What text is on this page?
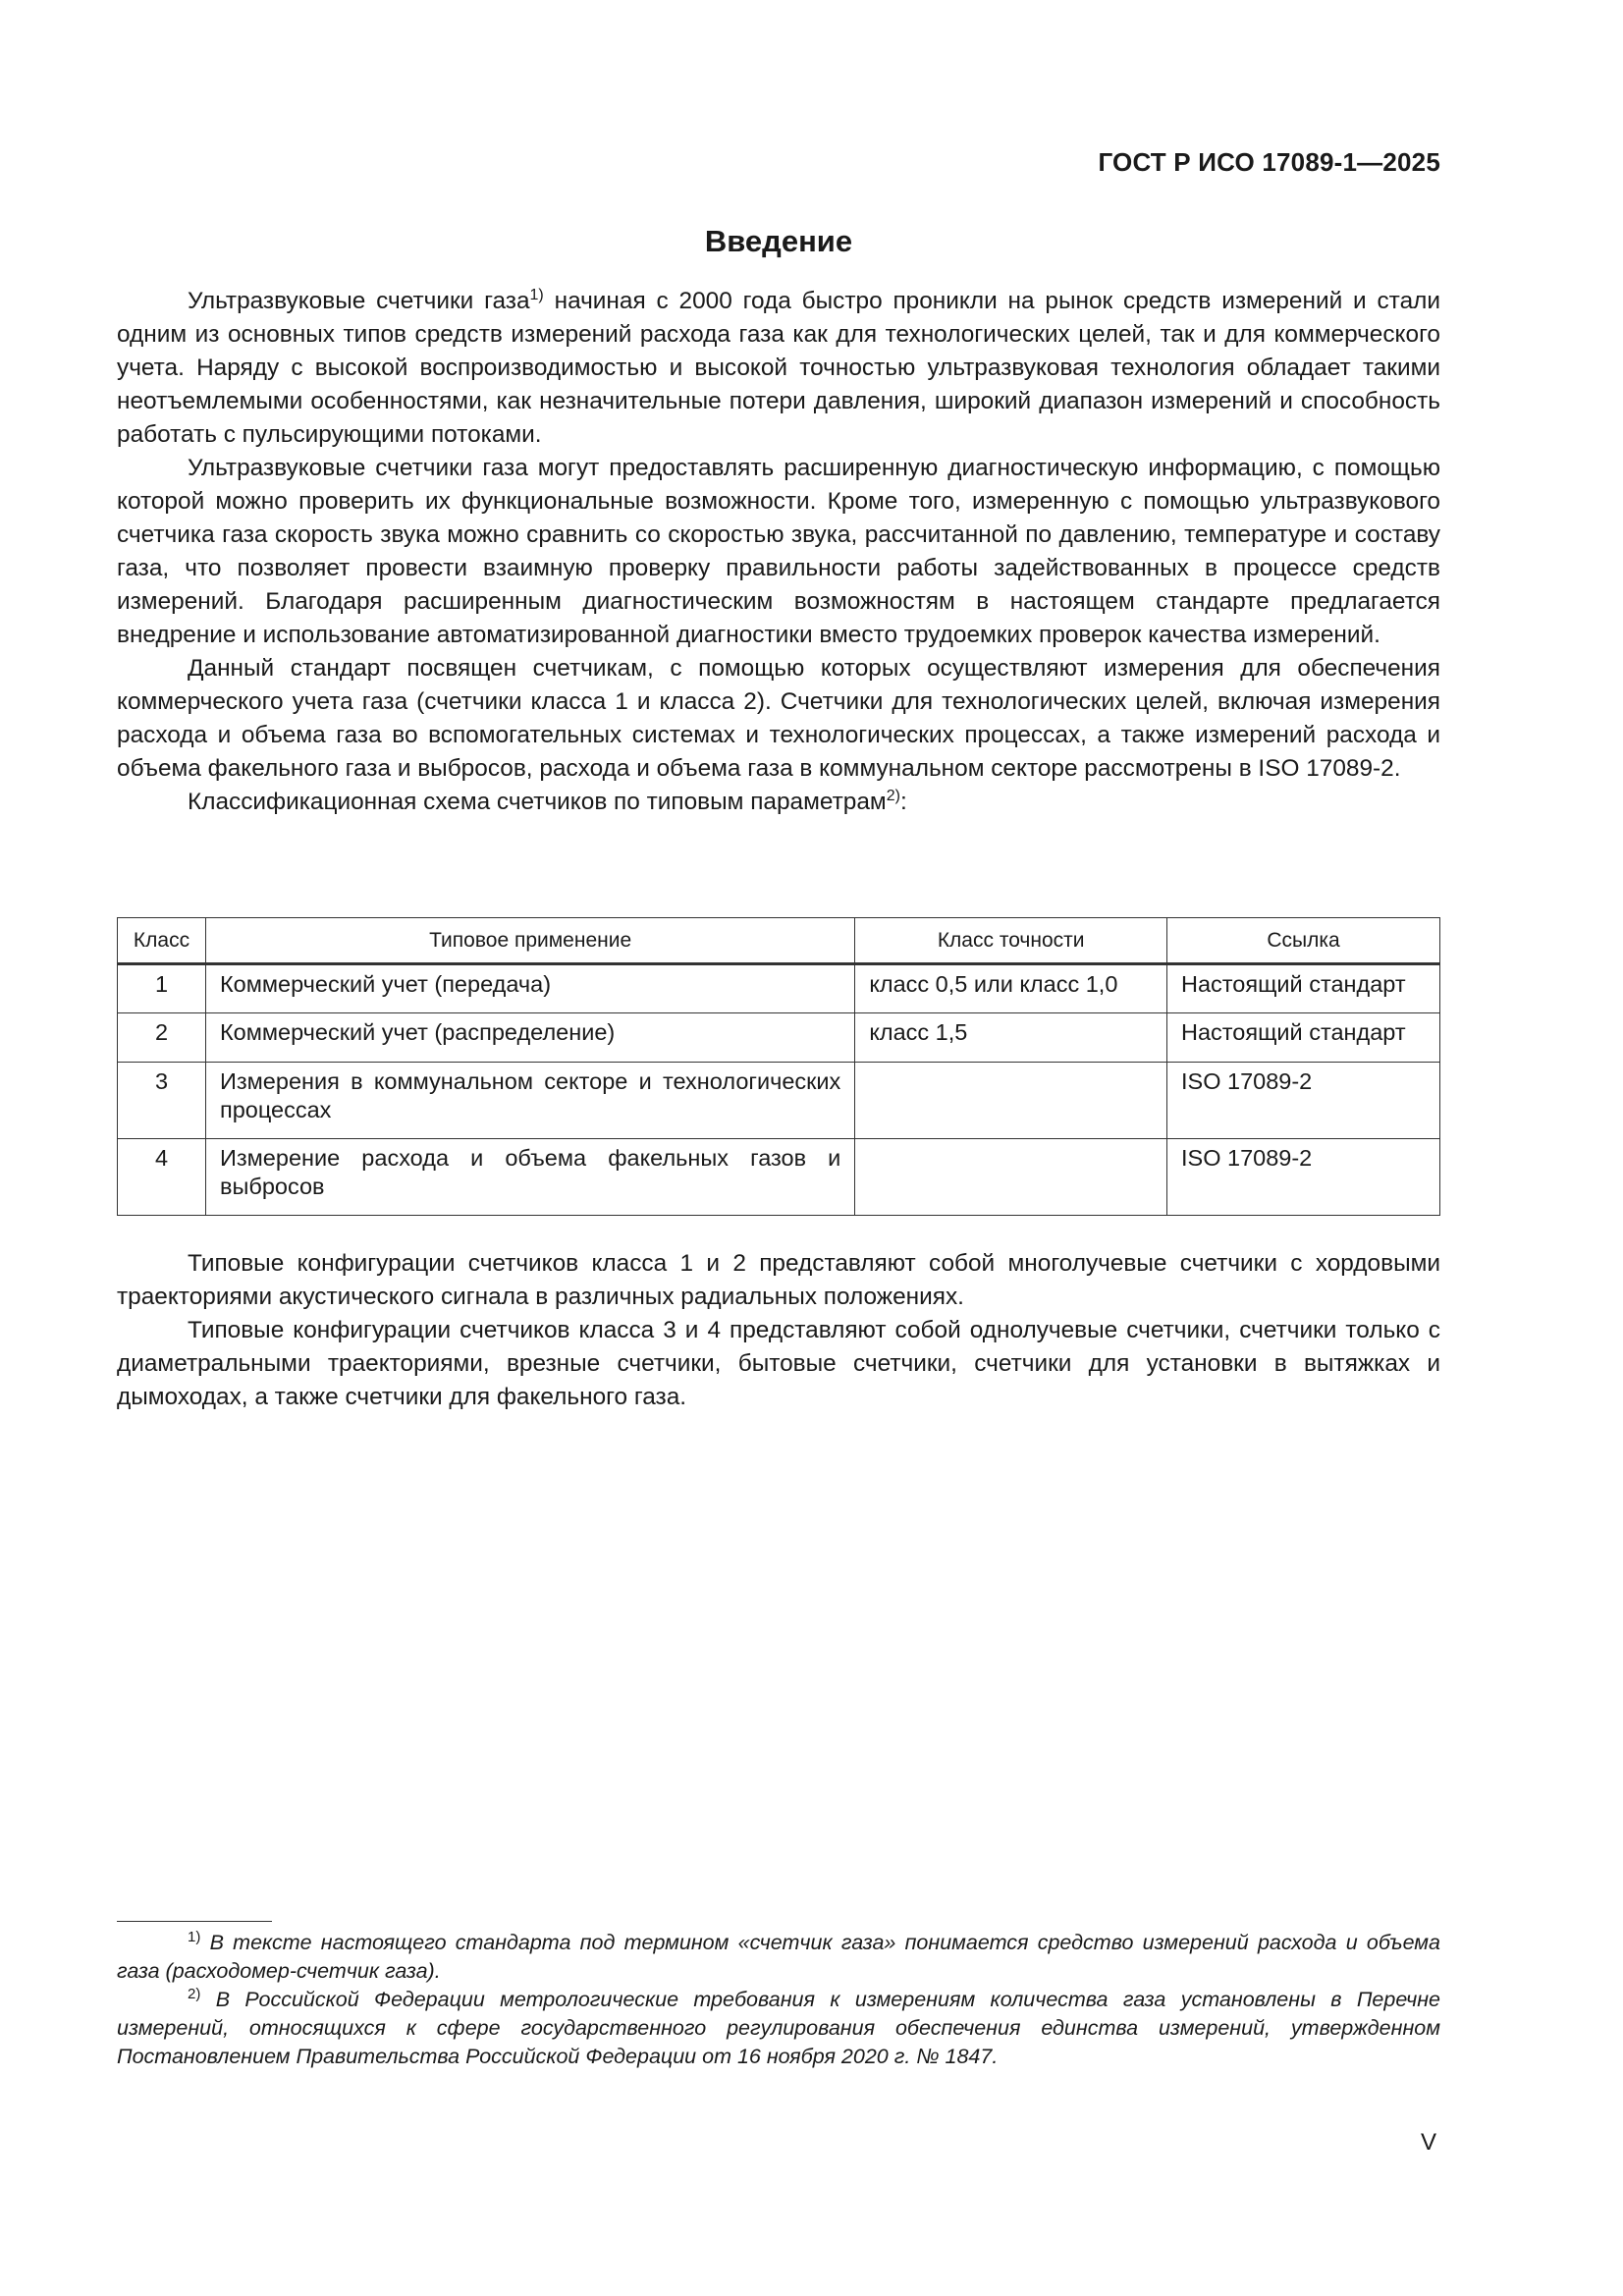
ГОСТ Р ИСО 17089-1—2025
Введение

Ультразвуковые счетчики газа$^{1)}$ начиная с 2000 года быстро проникли на рынок средств измерений и стали одним из основных типов средств измерений расхода газа как для технологических целей, так и для коммерческого учета. Наряду с высокой воспроизводимостью и высокой точностью ультразвуковая технология обладает такими неотъемлемыми особенностями, как незначительные потери давления, широкий диапазон измерений и способность работать с пульсирующими потоками.

Ультразвуковые счетчики газа могут предоставлять расширенную диагностическую информацию, с помощью которой можно проверить их функциональные возможности. Кроме того, измеренную с помощью ультразвукового счетчика газа скорость звука можно сравнить со скоростью звука, рассчитанной по давлению, температуре и составу газа, что позволяет провести взаимную проверку правильности работы задействованных в процессе средств измерений. Благодаря расширенным диагностическим возможностям в настоящем стандарте предлагается внедрение и использование автоматизированной диагностики вместо трудоемких проверок качества измерений.

Данный стандарт посвящен счетчикам, с помощью которых осуществляют измерения для обеспечения коммерческого учета газа (счетчики класса 1 и класса 2). Счетчики для технологических целей, включая измерения расхода и объема газа во вспомогательных системах и технологических процессах, а также измерений расхода и объема факельного газа и выбросов, расхода и объема газа в коммунальном секторе рассмотрены в ISO 17089-2.

Классификационная схема счетчиков по типовым параметрам$^{2)}$:

Класс	Типовое применение	Класс точности	Ссылка
1	Коммерческий учет (передача)	класс 0,5 или класс 1,0	Настоящий стандарт
2	Коммерческий учет (распределение)	класс 1,5	Настоящий стандарт
3	Измерения в коммунальном секторе и технологических процессах		ISO 17089-2
4	Измерение расхода и объема факельных газов и выбросов		ISO 17089-2

Типовые конфигурации счетчиков класса 1 и 2 представляют собой многолучевые счетчики с хордовыми траекториями акустического сигнала в различных радиальных положениях.

Типовые конфигурации счетчиков класса 3 и 4 представляют собой однолучевые счетчики, счетчики только с диаметральными траекториями, врезные счетчики, бытовые счетчики, счетчики для установки в вытяжках и дымоходах, а также счетчики для факельного газа.

$^{1)}$ В тексте настоящего стандарта под термином «счетчик газа» понимается средство измерений расхода и объема газа (расходомер-счетчик газа).

$^{2)}$ В Российской Федерации метрологические требования к измерениям количества газа установлены в Перечне измерений, относящихся к сфере государственного регулирования обеспечения единства измерений, утвержденном Постановлением Правительства Российской Федерации от 16 ноября 2020 г. № 1847.

V
